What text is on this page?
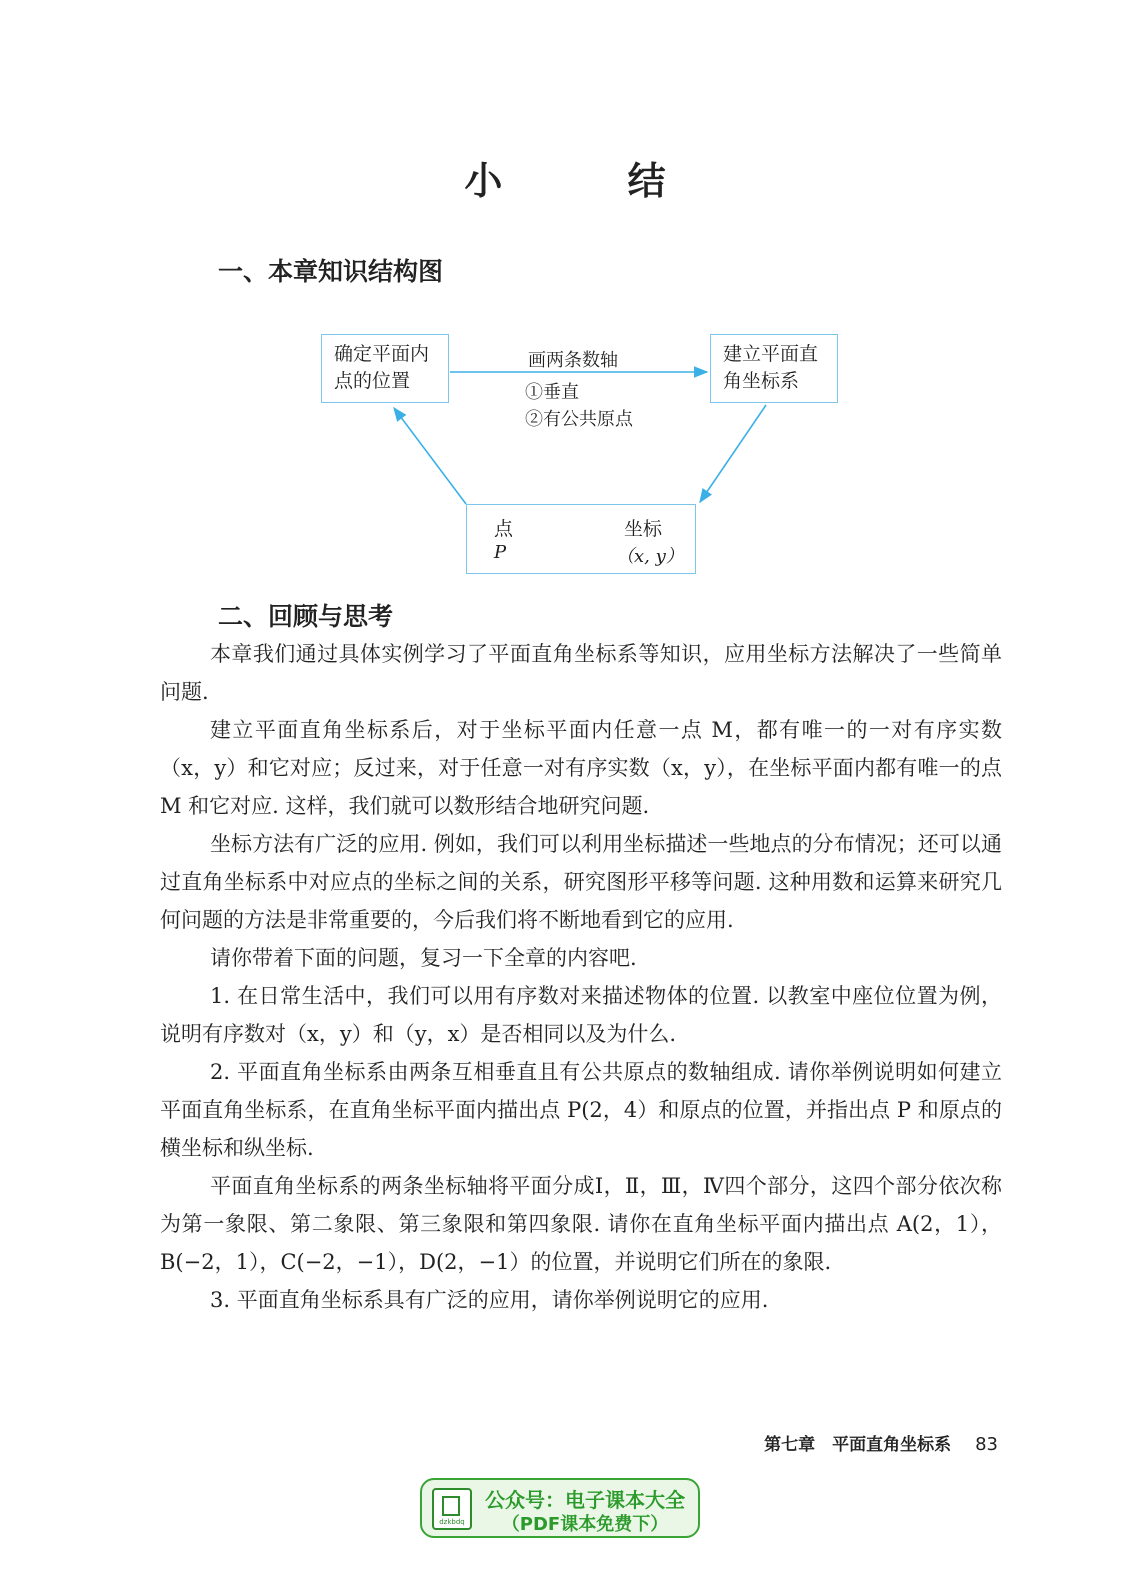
小 结
一、本章知识结构图
确定平面内
点的位置
建立平面直
角坐标系
画两条数轴
①垂直
②有公共原点
点
P
坐标
（x, y）
二、回顾与思考

本章我们通过具体实例学习了平面直角坐标系等知识，应用坐标方法解决了一些简单问题.

建立平面直角坐标系后，对于坐标平面内任意一点 M，都有唯一的一对有序实数（x，y）和它对应；反过来，对于任意一对有序实数（x，y），在坐标平面内都有唯一的点 M 和它对应. 这样，我们就可以数形结合地研究问题.

坐标方法有广泛的应用. 例如，我们可以利用坐标描述一些地点的分布情况；还可以通过直角坐标系中对应点的坐标之间的关系，研究图形平移等问题. 这种用数和运算来研究几何问题的方法是非常重要的，今后我们将不断地看到它的应用.

请你带着下面的问题，复习一下全章的内容吧.

1. 在日常生活中，我们可以用有序数对来描述物体的位置. 以教室中座位位置为例，说明有序数对（x，y）和（y，x）是否相同以及为什么.

2. 平面直角坐标系由两条互相垂直且有公共原点的数轴组成. 请你举例说明如何建立平面直角坐标系，在直角坐标平面内描出点 P(2，4）和原点的位置，并指出点 P 和原点的横坐标和纵坐标.

平面直角坐标系的两条坐标轴将平面分成Ⅰ，Ⅱ，Ⅲ，Ⅳ四个部分，这四个部分依次称为第一象限、第二象限、第三象限和第四象限. 请你在直角坐标平面内描出点 A(2，1），B(−2，1），C(−2，−1），D(2，−1）的位置，并说明它们所在的象限.

3. 平面直角坐标系具有广泛的应用，请你举例说明它的应用.

第七章　平面直角坐标系 83
dzkbdq
公众号：电子课本大全
（PDF课本免费下）
